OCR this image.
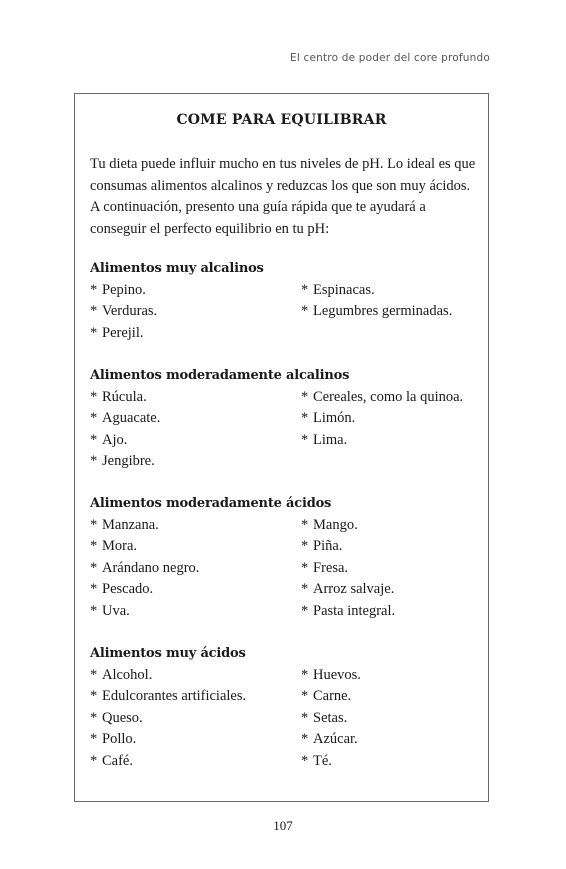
El centro de poder del core profundo
COME PARA EQUILIBRAR
Tu dieta puede influir mucho en tus niveles de pH. Lo ideal es que consumas alimentos alcalinos y reduzcas los que son muy ácidos. A continuación, presento una guía rápida que te ayudará a conseguir el perfecto equilibrio en tu pH:
Alimentos muy alcalinos
* Pepino.
* Verduras.
* Perejil.
* Espinacas.
* Legumbres germinadas.
Alimentos moderadamente alcalinos
* Rúcula.
* Aguacate.
* Ajo.
* Jengibre.
* Cereales, como la quinoa.
* Limón.
* Lima.
Alimentos moderadamente ácidos
* Manzana.
* Mora.
* Arándano negro.
* Pescado.
* Uva.
* Mango.
* Piña.
* Fresa.
* Arroz salvaje.
* Pasta integral.
Alimentos muy ácidos
* Alcohol.
* Edulcorantes artificiales.
* Queso.
* Pollo.
* Café.
* Huevos.
* Carne.
* Setas.
* Azúcar.
* Té.
107
